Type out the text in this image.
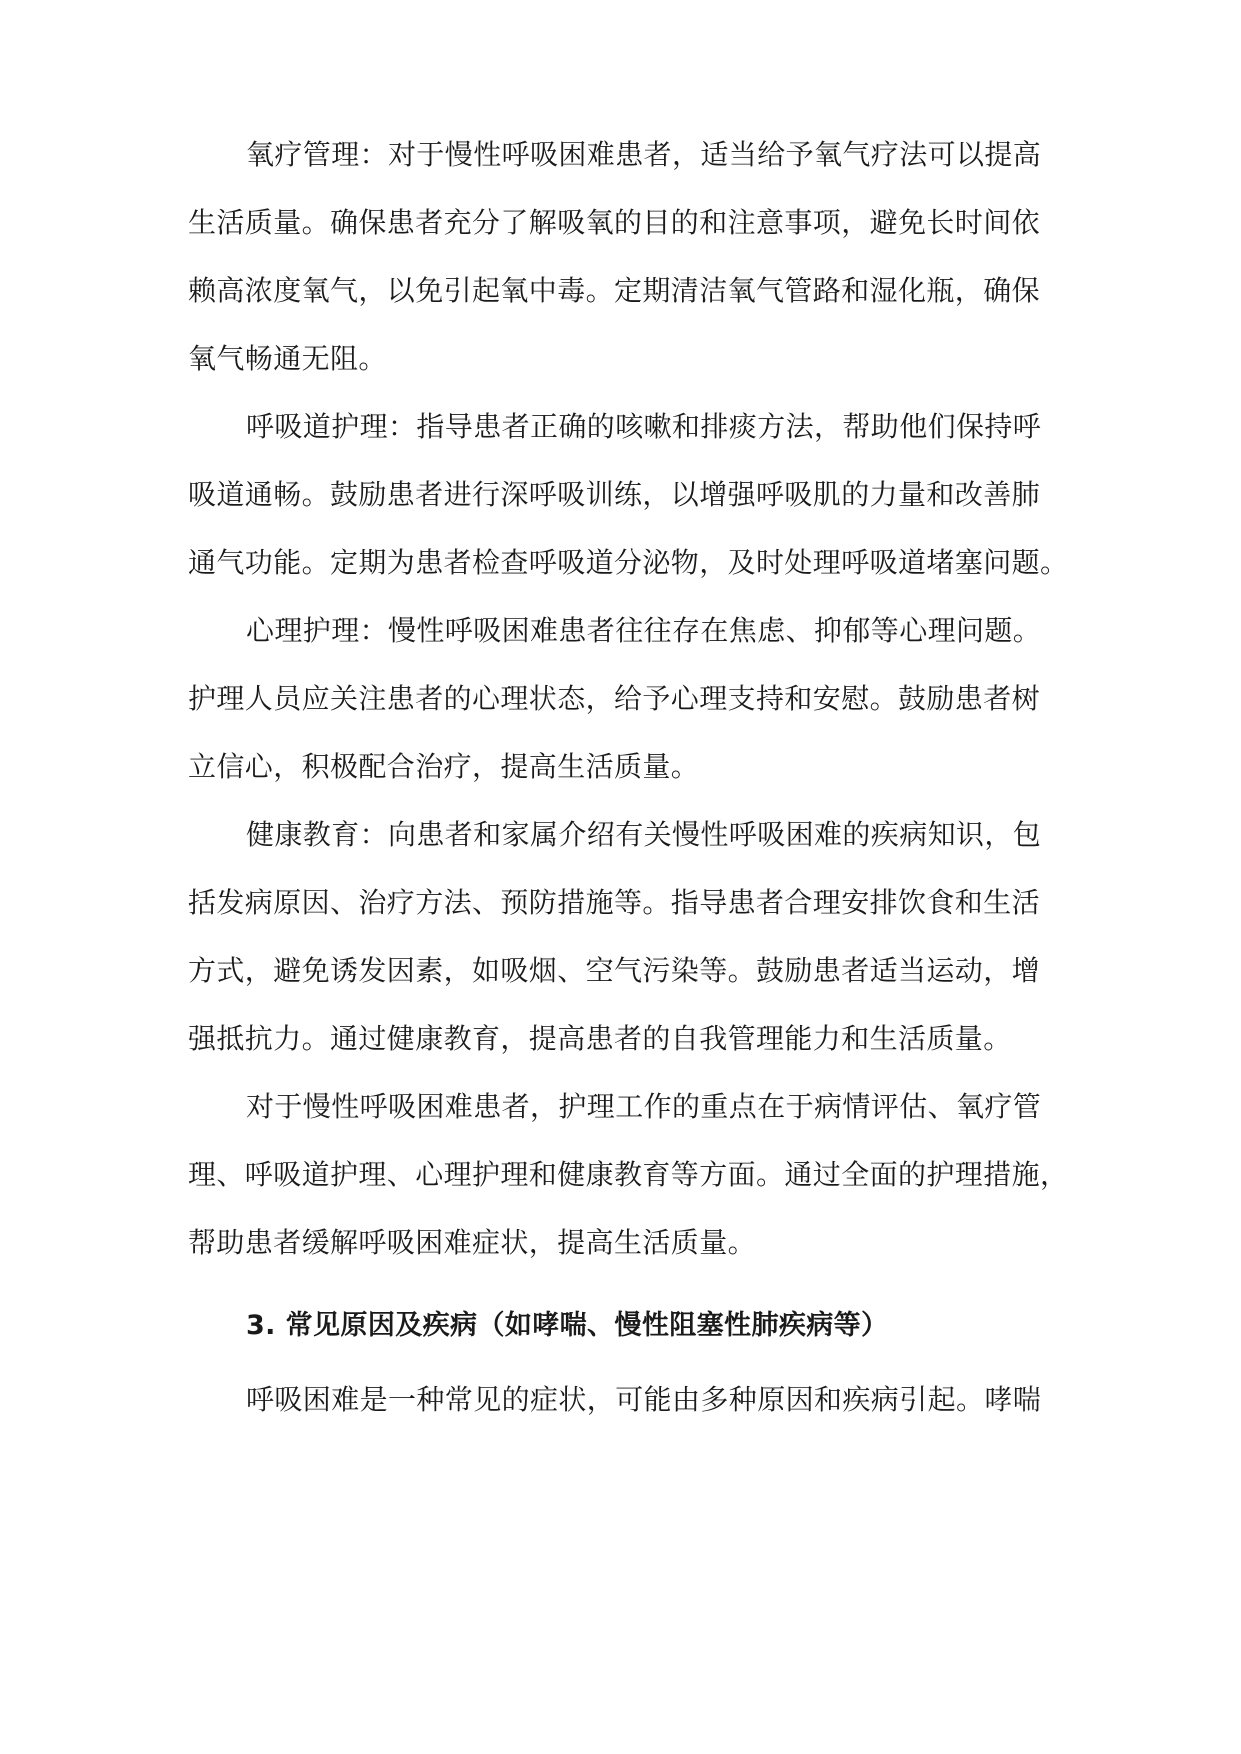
氧疗管理：对于慢性呼吸困难患者，适当给予氧气疗法可以提高
生活质量。确保患者充分了解吸氧的目的和注意事项，避免长时间依
赖高浓度氧气，以免引起氧中毒。定期清洁氧气管路和湿化瓶，确保
氧气畅通无阻。
呼吸道护理：指导患者正确的咳嗽和排痰方法，帮助他们保持呼
吸道通畅。鼓励患者进行深呼吸训练，以增强呼吸肌的力量和改善肺
通气功能。定期为患者检查呼吸道分泌物，及时处理呼吸道堵塞问题。
心理护理：慢性呼吸困难患者往往存在焦虑、抑郁等心理问题。
护理人员应关注患者的心理状态，给予心理支持和安慰。鼓励患者树
立信心，积极配合治疗，提高生活质量。
健康教育：向患者和家属介绍有关慢性呼吸困难的疾病知识，包
括发病原因、治疗方法、预防措施等。指导患者合理安排饮食和生活
方式，避免诱发因素，如吸烟、空气污染等。鼓励患者适当运动，增
强抵抗力。通过健康教育，提高患者的自我管理能力和生活质量。
对于慢性呼吸困难患者，护理工作的重点在于病情评估、氧疗管
理、呼吸道护理、心理护理和健康教育等方面。通过全面的护理措施，
帮助患者缓解呼吸困难症状，提高生活质量。
3. 常见原因及疾病（如哮喘、慢性阻塞性肺疾病等）
呼吸困难是一种常见的症状，可能由多种原因和疾病引起。哮喘
